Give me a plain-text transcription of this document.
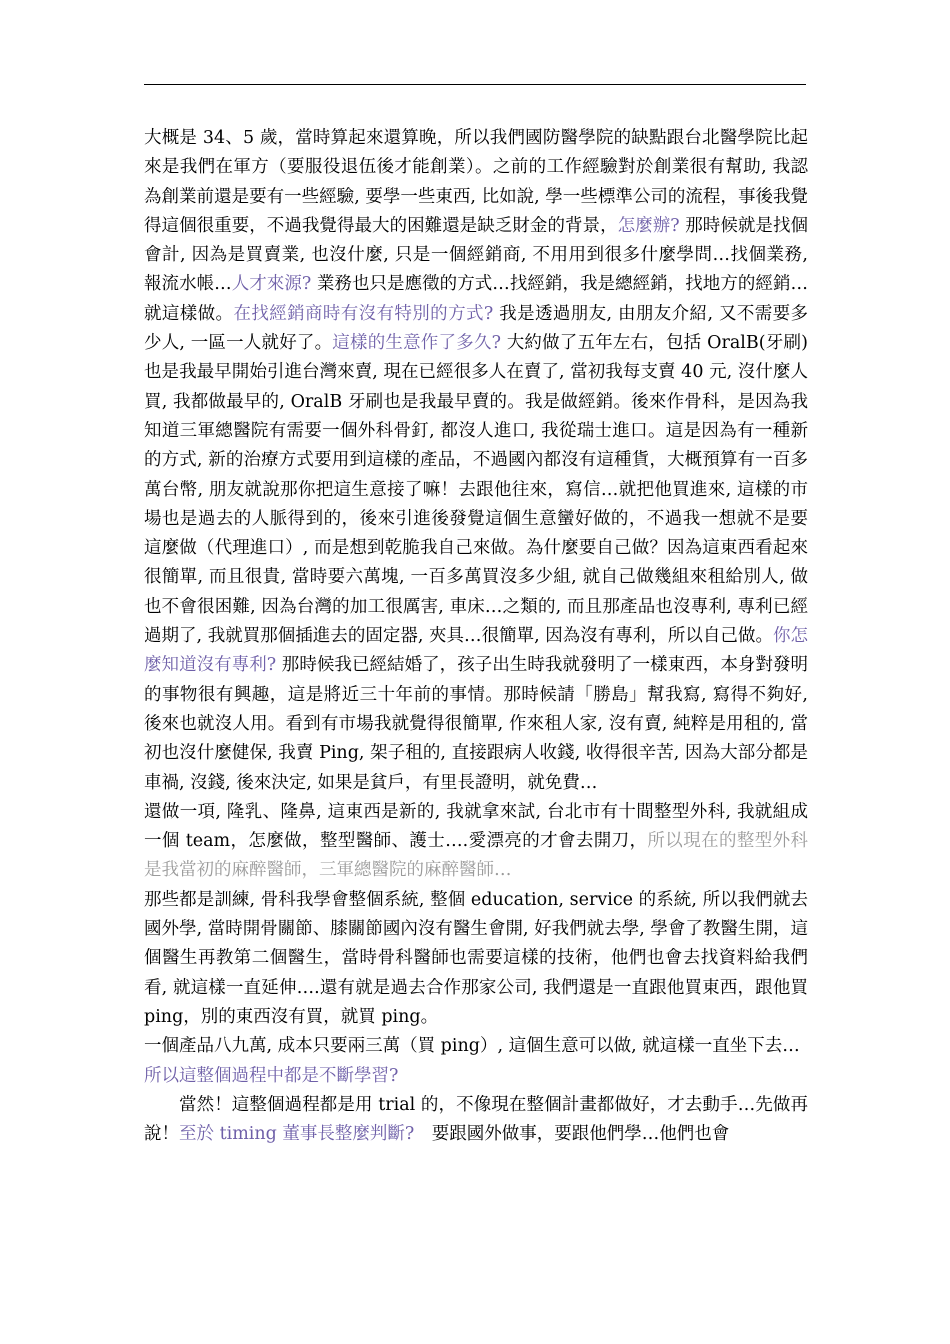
大概是 34、5 歲，當時算起來還算晚，所以我們國防醫學院的缺點跟台北醫學院比起來是我們在軍方（要服役退伍後才能創業）。之前的工作經驗對於創業很有幫助, 我認為創業前還是要有一些經驗, 要學一些東西, 比如說, 學一些標準公司的流程，事後我覺得這個很重要，不過我覺得最大的困難還是缺乏財金的背景，怎麼辦? 那時候就是找個會計, 因為是買賣業, 也沒什麼, 只是一個經銷商, 不用用到很多什麼學問…找個業務, 報流水帳…人才來源? 業務也只是應徵的方式…找經銷，我是總經銷，找地方的經銷…就這樣做。在找經銷商時有沒有特別的方式? 我是透過朋友, 由朋友介紹, 又不需要多少人, 一區一人就好了。這樣的生意作了多久? 大約做了五年左右，包括 OralB(牙刷) 也是我最早開始引進台灣來賣, 現在已經很多人在賣了, 當初我每支賣 40 元, 沒什麼人買, 我都做最早的, OralB 牙刷也是我最早賣的。我是做經銷。後來作骨科，是因為我知道三軍總醫院有需要一個外科骨釘, 都沒人進口, 我從瑞士進口。這是因為有一種新的方式, 新的治療方式要用到這樣的產品，不過國內都沒有這種貨，大概預算有一百多萬台幣, 朋友就說那你把這生意接了嘛！去跟他往來，寫信…就把他買進來, 這樣的市場也是過去的人脈得到的，後來引進後發覺這個生意蠻好做的，不過我一想就不是要這麼做（代理進口）, 而是想到乾脆我自己來做。為什麼要自己做？因為這東西看起來很簡單, 而且很貴, 當時要六萬塊, 一百多萬買沒多少組, 就自己做幾組來租給別人, 做也不會很困難, 因為台灣的加工很厲害, 車床…之類的, 而且那產品也沒專利, 專利已經過期了, 我就買那個插進去的固定器, 夾具…很簡單, 因為沒有專利，所以自己做。你怎麼知道沒有專利? 那時候我已經結婚了，孩子出生時我就發明了一樣東西，本身對發明的事物很有興趣，這是將近三十年前的事情。那時候請「勝島」幫我寫, 寫得不夠好, 後來也就沒人用。看到有市場我就覺得很簡單, 作來租人家, 沒有賣, 純粹是用租的, 當初也沒什麼健保, 我賣 Ping, 架子租的, 直接跟病人收錢, 收得很辛苦, 因為大部分都是車禍, 沒錢, 後來決定, 如果是貧戶，有里長證明，就免費…

還做一項, 隆乳、隆鼻, 這東西是新的, 我就拿來試, 台北市有十間整型外科, 我就組成一個 team，怎麼做，整型醫師、護士….愛漂亮的才會去開刀，所以現在的整型外科是我當初的麻醉醫師，三軍總醫院的麻醉醫師…

那些都是訓練, 骨科我學會整個系統, 整個 education, service 的系統, 所以我們就去國外學, 當時開骨關節、膝關節國內沒有醫生會開, 好我們就去學, 學會了教醫生開，這個醫生再教第二個醫生，當時骨科醫師也需要這樣的技術，他們也會去找資料給我們看, 就這樣一直延伸….還有就是過去合作那家公司, 我們還是一直跟他買東西，跟他買 ping，別的東西沒有買，就買 ping。

一個產品八九萬, 成本只要兩三萬（買 ping）, 這個生意可以做, 就這樣一直坐下去…

所以這整個過程中都是不斷學習?

當然！這整個過程都是用 trial 的，不像現在整個計畫都做好，才去動手…先做再說！至於 timing 董事長整麼判斷?　要跟國外做事，要跟他們學…他們也會
